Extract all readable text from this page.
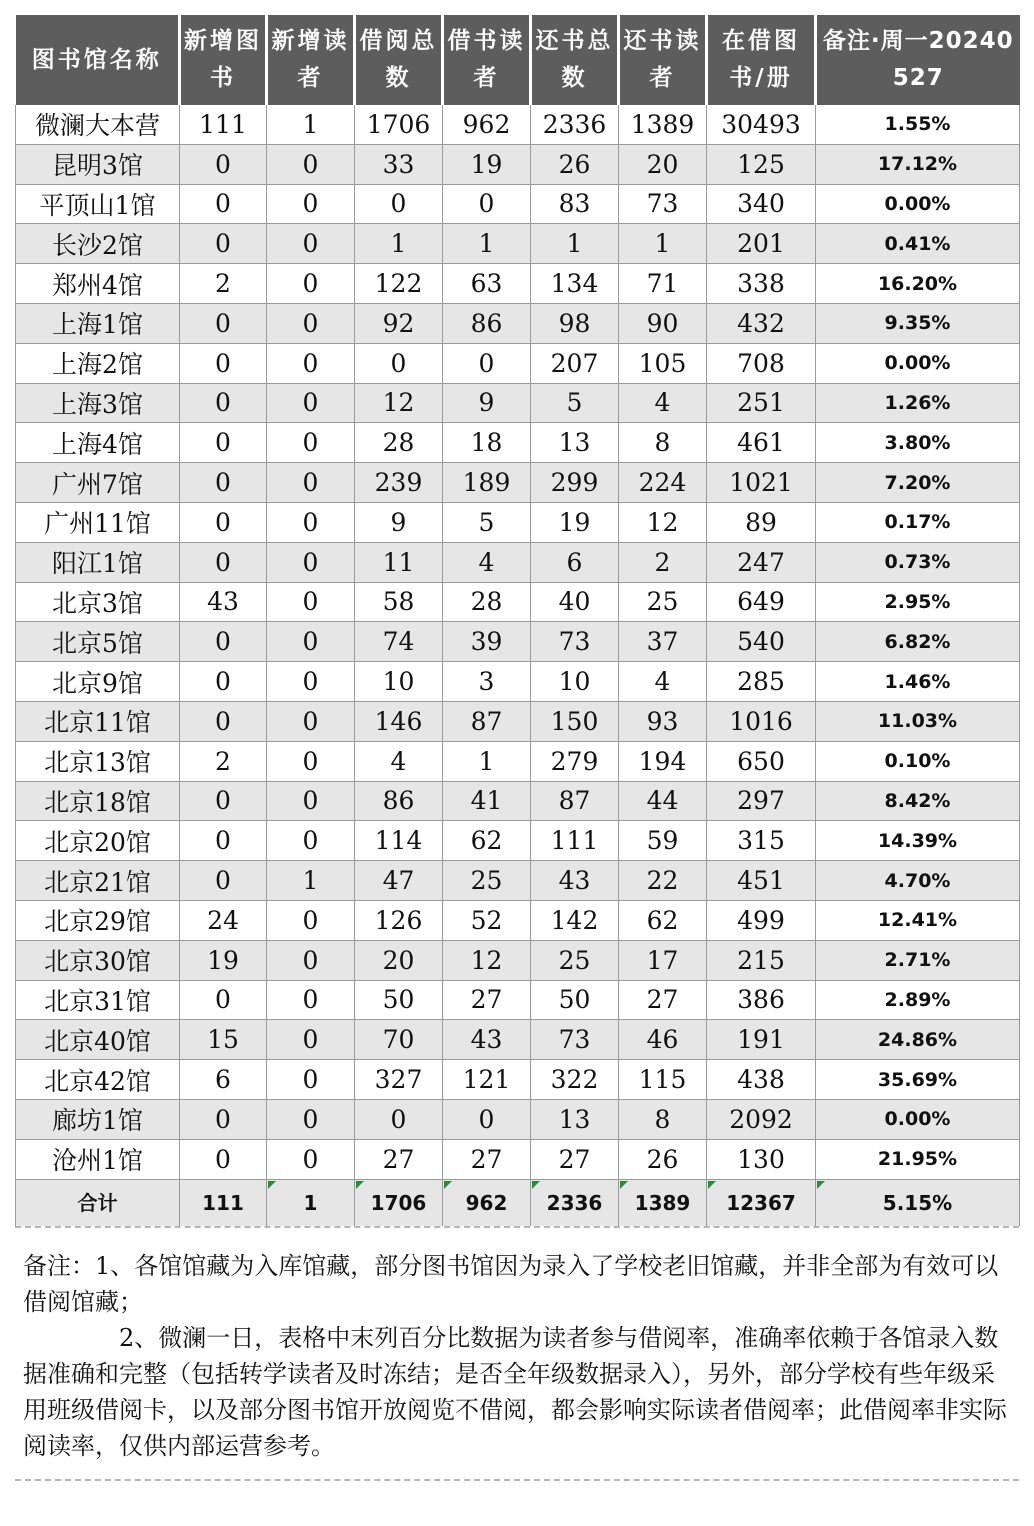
图书馆名称	新增图书	新增读者	借阅总数	借书读者	还书总数	还书读者	在借图书/册	备注·周一20240527
微澜大本营	111	1	1706	962	2336	1389	30493	1.55%
昆明3馆	0	0	33	19	26	20	125	17.12%
平顶山1馆	0	0	0	0	83	73	340	0.00%
长沙2馆	0	0	1	1	1	1	201	0.41%
郑州4馆	2	0	122	63	134	71	338	16.20%
上海1馆	0	0	92	86	98	90	432	9.35%
上海2馆	0	0	0	0	207	105	708	0.00%
上海3馆	0	0	12	9	5	4	251	1.26%
上海4馆	0	0	28	18	13	8	461	3.80%
广州7馆	0	0	239	189	299	224	1021	7.20%
广州11馆	0	0	9	5	19	12	89	0.17%
阳江1馆	0	0	11	4	6	2	247	0.73%
北京3馆	43	0	58	28	40	25	649	2.95%
北京5馆	0	0	74	39	73	37	540	6.82%
北京9馆	0	0	10	3	10	4	285	1.46%
北京11馆	0	0	146	87	150	93	1016	11.03%
北京13馆	2	0	4	1	279	194	650	0.10%
北京18馆	0	0	86	41	87	44	297	8.42%
北京20馆	0	0	114	62	111	59	315	14.39%
北京21馆	0	1	47	25	43	22	451	4.70%
北京29馆	24	0	126	52	142	62	499	12.41%
北京30馆	19	0	20	12	25	17	215	2.71%
北京31馆	0	0	50	27	50	27	386	2.89%
北京40馆	15	0	70	43	73	46	191	24.86%
北京42馆	6	0	327	121	322	115	438	35.69%
廊坊1馆	0	0	0	0	13	8	2092	0.00%
沧州1馆	0	0	27	27	27	26	130	21.95%
合计	111	1	1706	962	2336	1389	12367	5.15%

备注：1、各馆馆藏为入库馆藏，部分图书馆因为录入了学校老旧馆藏，并非全部为有效可以借阅馆藏；

2、微澜一日，表格中末列百分比数据为读者参与借阅率，准确率依赖于各馆录入数据准确和完整（包括转学读者及时冻结；是否全年级数据录入），另外，部分学校有些年级采用班级借阅卡，以及部分图书馆开放阅览不借阅，都会影响实际读者借阅率；此借阅率非实际阅读率，仅供内部运营参考。
